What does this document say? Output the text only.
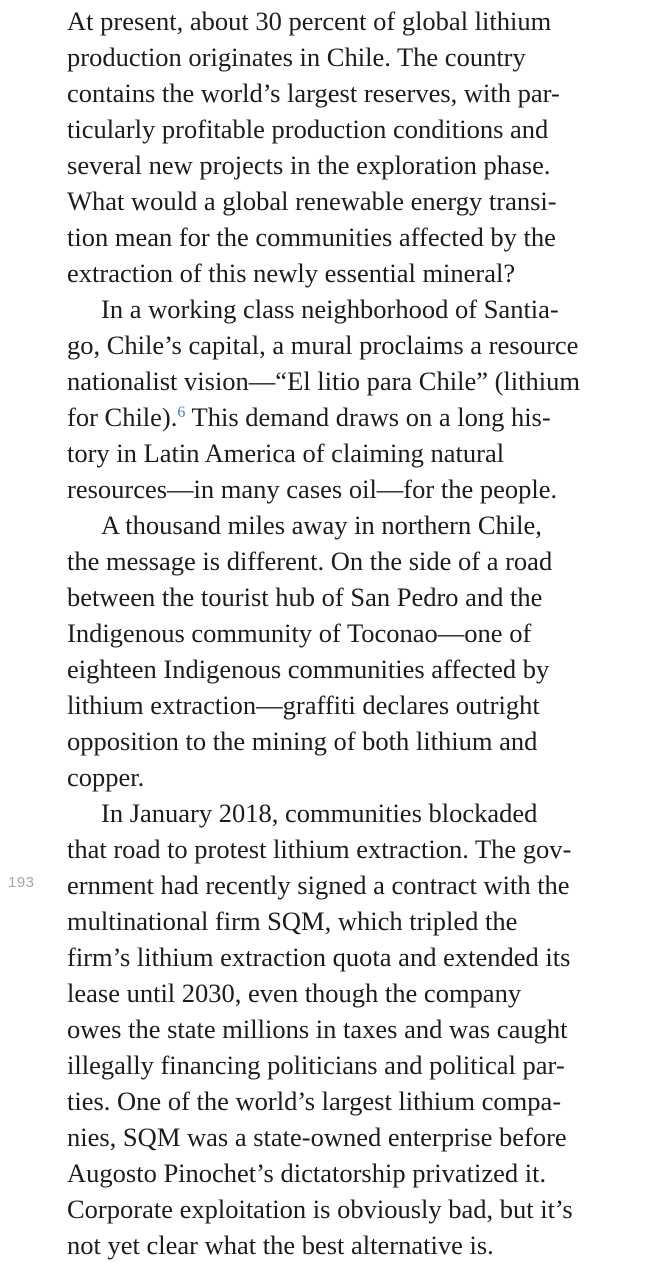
193
At present, about 30 percent of global lithium
production originates in Chile. The country
contains the world’s largest reserves, with par-
ticularly profitable production conditions and
several new projects in the exploration phase.
What would a global renewable energy transi-
tion mean for the communities affected by the
extraction of this newly essential mineral?
In a working class neighborhood of Santia-
go, Chile’s capital, a mural proclaims a resource
nationalist vision—“El litio para Chile” (lithium
for Chile).$^6$ This demand draws on a long his-
tory in Latin America of claiming natural
resources—in many cases oil—for the people.
A thousand miles away in northern Chile,
the message is different. On the side of a road
between the tourist hub of San Pedro and the
Indigenous community of Toconao—one of
eighteen Indigenous communities affected by
lithium extraction—graffiti declares outright
opposition to the mining of both lithium and
copper.
In January 2018, communities blockaded
that road to protest lithium extraction. The gov-
ernment had recently signed a contract with the
multinational firm SQM, which tripled the
firm’s lithium extraction quota and extended its
lease until 2030, even though the company
owes the state millions in taxes and was caught
illegally financing politicians and political par-
ties. One of the world’s largest lithium compa-
nies, SQM was a state-owned enterprise before
Augosto Pinochet’s dictatorship privatized it.
Corporate exploitation is obviously bad, but it’s
not yet clear what the best alternative is.
